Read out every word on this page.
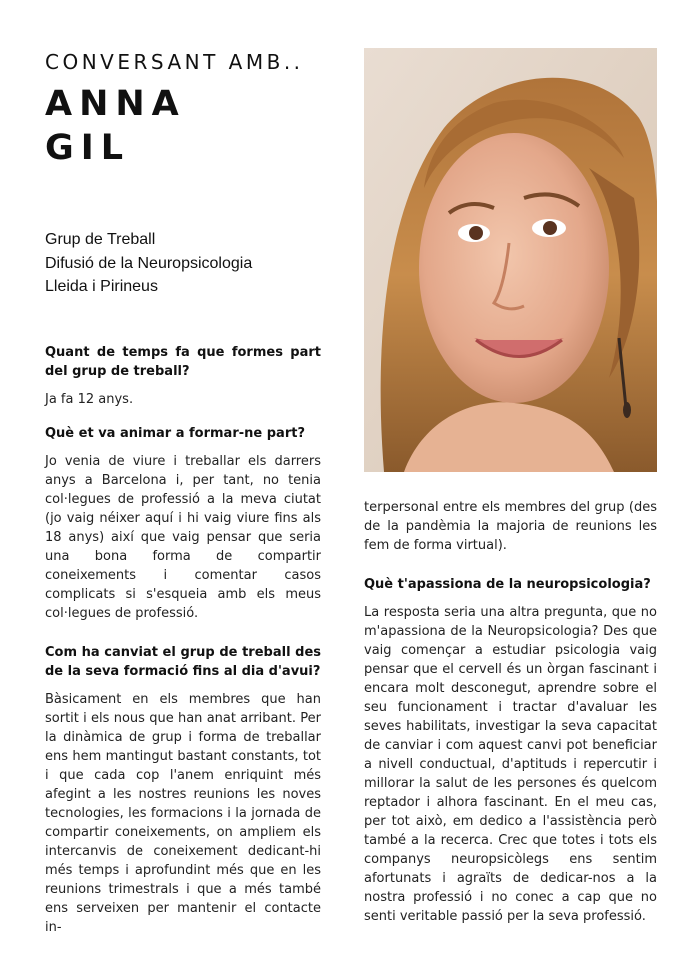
CONVERSANT AMB..
ANNA
GIL
Grup de Treball
Difusió de la Neuropsicologia
Lleida i Pirineus

Quant de temps fa que formes part del grup de treball?

Ja fa 12 anys.

Què et va animar a formar-ne part?

Jo venia de viure i treballar els darrers anys a Barcelona i, per tant, no tenia col·legues de professió a la meva ciutat (jo vaig néixer aquí i hi vaig viure fins als 18 anys) així que vaig pensar que seria una bona forma de compartir coneixements i comentar casos complicats si s'esqueia amb els meus col·legues de professió.

Com ha canviat el grup de treball des de la seva formació fins al dia d'avui?

Bàsicament en els membres que han sortit i els nous que han anat arribant. Per la dinàmica de grup i forma de treballar ens hem mantingut bastant constants, tot i que cada cop l'anem enriquint més afegint a les nostres reunions les noves tecnologies, les formacions i la jornada de compartir coneixements, on ampliem els intercanvis de coneixement dedicant-hi més temps i aprofundint més que en les reunions trimestrals i que a més també ens serveixen per mantenir el contacte in-

terpersonal entre els membres del grup (des de la pandèmia la majoria de reunions les fem de forma virtual).

Què t'apassiona de la neuropsicologia?

La resposta seria una altra pregunta, que no m'apassiona de la Neuropsicologia? Des que vaig començar a estudiar psicologia vaig pensar que el cervell és un òrgan fascinant i encara molt desconegut, aprendre sobre el seu funcionament i tractar d'avaluar les seves habilitats, investigar la seva capacitat de canviar i com aquest canvi pot beneficiar a nivell conductual, d'aptituds i repercutir i millorar la salut de les persones és quelcom reptador i alhora fascinant. En el meu cas, per tot això, em dedico a l'assistència però també a la recerca. Crec que totes i tots els companys neuropsicòlegs ens sentim afortunats i agraïts de dedicar-nos a la nostra professió i no conec a cap que no senti veritable passió per la seva professió.
